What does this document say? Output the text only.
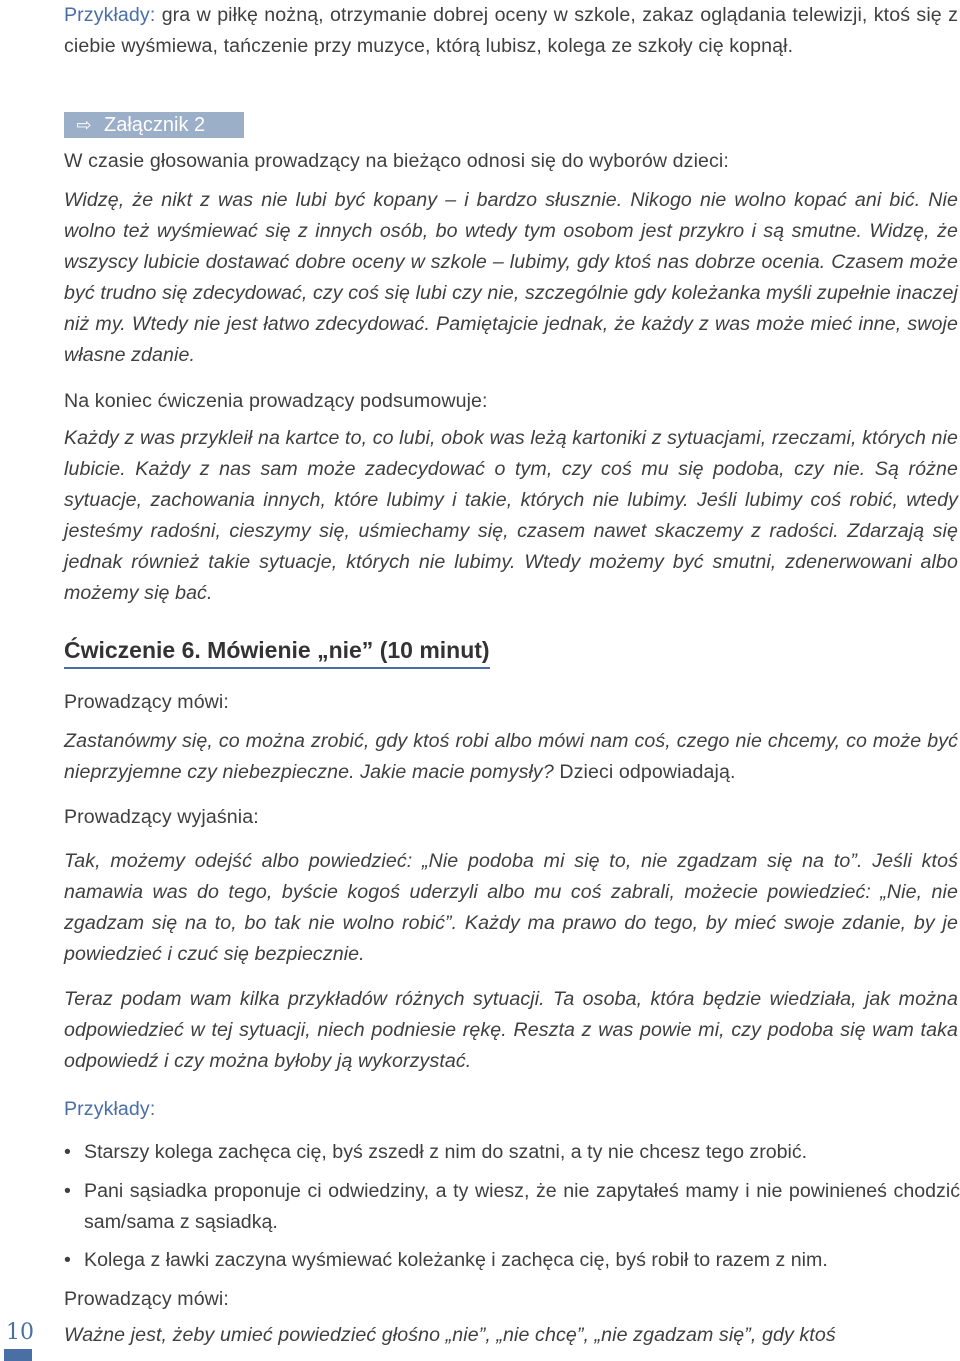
Przykłady: gra w piłkę nożną, otrzymanie dobrej oceny w szkole, zakaz oglądania telewizji, ktoś się z ciebie wyśmiewa, tańczenie przy muzyce, którą lubisz, kolega ze szkoły cię kopnął.

⇨ Załącznik 2

W czasie głosowania prowadzący na bieżąco odnosi się do wyborów dzieci:

Widzę, że nikt z was nie lubi być kopany – i bardzo słusznie. Nikogo nie wolno kopać ani bić. Nie wolno też wyśmiewać się z innych osób, bo wtedy tym osobom jest przykro i są smutne. Widzę, że wszyscy lubicie dostawać dobre oceny w szkole – lubimy, gdy ktoś nas dobrze ocenia. Czasem może być trudno się zdecydować, czy coś się lubi czy nie, szczególnie gdy koleżanka myśli zupełnie inaczej niż my. Wtedy nie jest łatwo zdecydować. Pamiętajcie jednak, że każdy z was może mieć inne, swoje własne zdanie.

Na koniec ćwiczenia prowadzący podsumowuje:

Każdy z was przykleił na kartce to, co lubi, obok was leżą kartoniki z sytuacjami, rzeczami, których nie lubicie. Każdy z nas sam może zadecydować o tym, czy coś mu się podoba, czy nie. Są różne sytuacje, zachowania innych, które lubimy i takie, których nie lubimy. Jeśli lubimy coś robić, wtedy jesteśmy radośni, cieszymy się, uśmiechamy się, czasem nawet skaczemy z radości. Zdarzają się jednak również takie sytuacje, których nie lubimy. Wtedy możemy być smutni, zdenerwowani albo możemy się bać.

Ćwiczenie 6. Mówienie „nie” (10 minut)

Prowadzący mówi:

Zastanówmy się, co można zrobić, gdy ktoś robi albo mówi nam coś, czego nie chcemy, co może być nieprzyjemne czy niebezpieczne. Jakie macie pomysły? Dzieci odpowiadają.

Prowadzący wyjaśnia:

Tak, możemy odejść albo powiedzieć: „Nie podoba mi się to, nie zgadzam się na to”. Jeśli ktoś namawia was do tego, byście kogoś uderzyli albo mu coś zabrali, możecie powiedzieć: „Nie, nie zgadzam się na to, bo tak nie wolno robić”. Każdy ma prawo do tego, by mieć swoje zdanie, by je powiedzieć i czuć się bezpiecznie.

Teraz podam wam kilka przykładów różnych sytuacji. Ta osoba, która będzie wiedziała, jak można odpowiedzieć w tej sytuacji, niech podniesie rękę. Reszta z was powie mi, czy podoba się wam taka odpowiedź i czy można byłoby ją wykorzystać.

Przykłady:

• Starszy kolega zachęca cię, byś zszedł z nim do szatni, a ty nie chcesz tego zrobić.
• Pani sąsiadka proponuje ci odwiedziny, a ty wiesz, że nie zapytałeś mamy i nie powinieneś chodzić sam/sama z sąsiadką.
• Kolega z ławki zaczyna wyśmiewać koleżankę i zachęca cię, byś robił to razem z nim.

Prowadzący mówi:

Ważne jest, żeby umieć powiedzieć głośno „nie”, „nie chcę”, „nie zgadzam się”, gdy ktoś

10
